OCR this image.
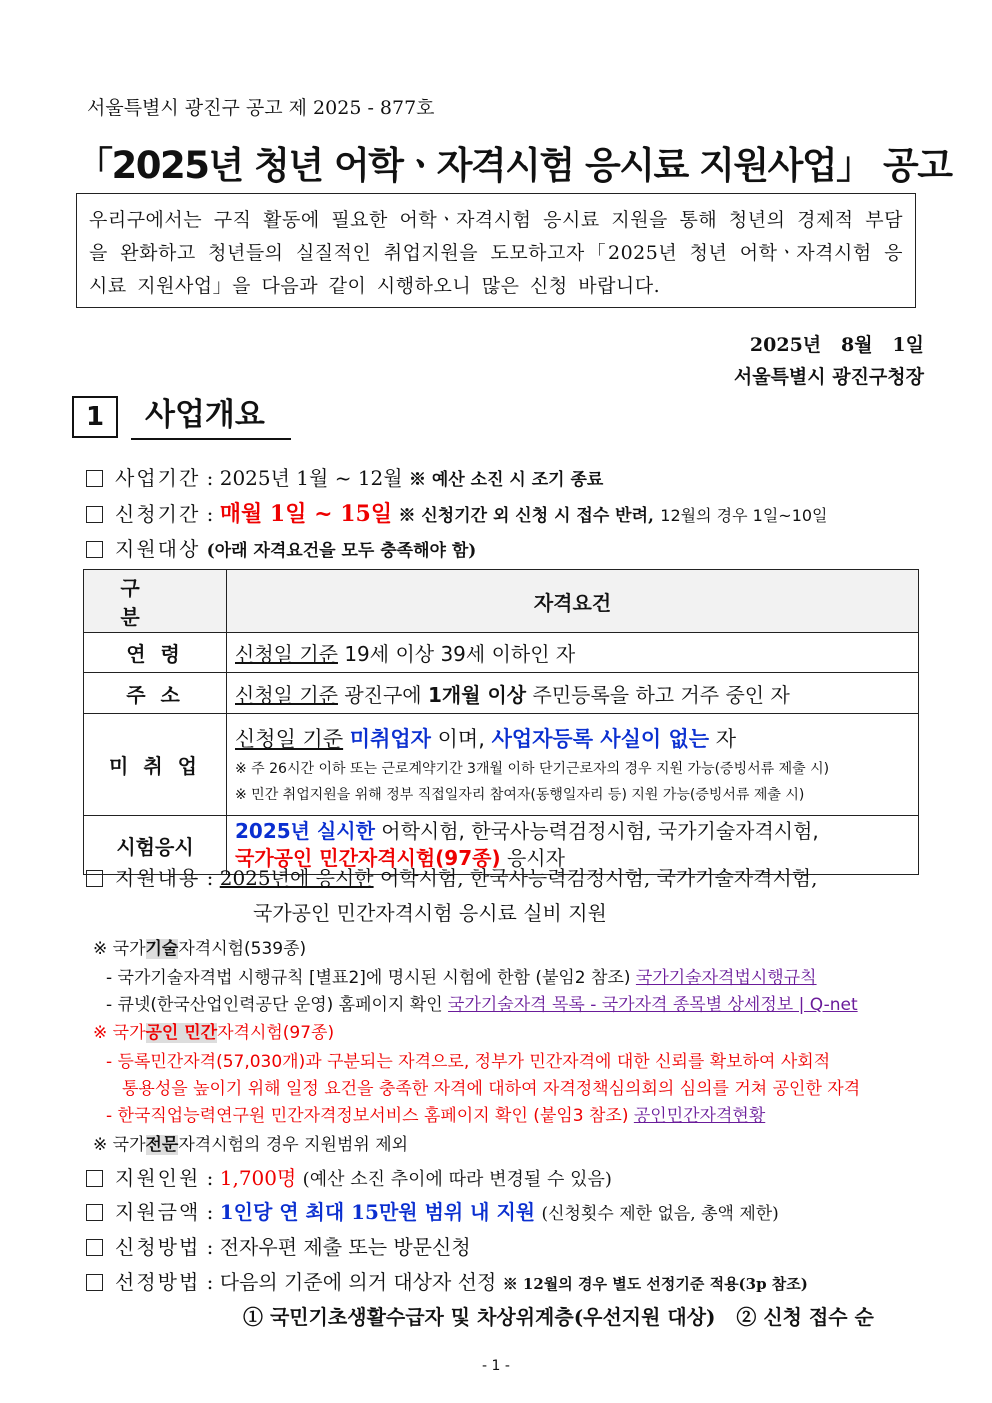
서울특별시 광진구 공고 제 2025 - 877호
「2025년 청년 어학ㆍ자격시험 응시료 지원사업」 공고
우리구에서는 구직 활동에 필요한 어학ㆍ자격시험 응시료 지원을 통해 청년의 경제적 부담을 완화하고 청년들의 실질적인 취업지원을 도모하고자「2025년 청년 어학ㆍ자격시험 응시료 지원사업」을 다음과 같이 시행하오니 많은 신청 바랍니다.
2025년   8월   1일
서울특별시 광진구청장
1	사업개요
사업기간 : 2025년 1월 ~ 12월 ※ 예산 소진 시 조기 종료
신청기간 : 매월 1일 ~ 15일 ※ 신청기간 외 신청 시 접수 반려, 12월의 경우 1일~10일
지원대상 (아래 자격요건을 모두 충족해야 함)
구 분	자격요건
연 령	신청일 기준 19세 이상 39세 이하인 자
주 소	신청일 기준 광진구에 1개월 이상 주민등록을 하고 거주 중인 자
미 취 업	신청일 기준 미취업자 이며, 사업자등록 사실이 없는 자
※ 주 26시간 이하 또는 근로계약기간 3개월 이하 단기근로자의 경우 지원 가능(증빙서류 제출 시)
※ 민간 취업지원을 위해 정부 직접일자리 참여자(동행일자리 등) 지원 가능(증빙서류 제출 시)

시험응시	2025년 실시한 어학시험, 한국사능력검정시험, 국가기술자격시험,
국가공인 민간자격시험(97종) 응시자
지원내용 : 2025년에 응시한 어학시험, 한국사능력검정시험, 국가기술자격시험,
국가공인 민간자격시험 응시료 실비 지원
※ 국가기술자격시험(539종)
- 국가기술자격법 시행규칙 [별표2]에 명시된 시험에 한함 (붙임2 참조) 국가기술자격법시행규칙
- 큐넷(한국산업인력공단 운영) 홈페이지 확인 국가기술자격 목록 - 국가자격 종목별 상세정보 | Q-net
※ 국가공인 민간자격시험(97종)
- 등록민간자격(57,030개)과 구분되는 자격으로, 정부가 민간자격에 대한 신뢰를 확보하여 사회적
통용성을 높이기 위해 일정 요건을 충족한 자격에 대하여 자격정책심의회의 심의를 거쳐 공인한 자격
- 한국직업능력연구원 민간자격정보서비스 홈페이지 확인 (붙임3 참조) 공인민간자격현황
※ 국가전문자격시험의 경우 지원범위 제외
지원인원 : 1,700명 (예산 소진 추이에 따라 변경될 수 있음)
지원금액 : 1인당 연 최대 15만원 범위 내 지원 (신청횟수 제한 없음, 총액 제한)
신청방법 : 전자우편 제출 또는 방문신청
선정방법 : 다음의 기준에 의거 대상자 선정 ※ 12월의 경우 별도 선정기준 적용(3p 참조)
① 국민기초생활수급자 및 차상위계층(우선지원 대상)   ② 신청 접수 순
- 1 -
